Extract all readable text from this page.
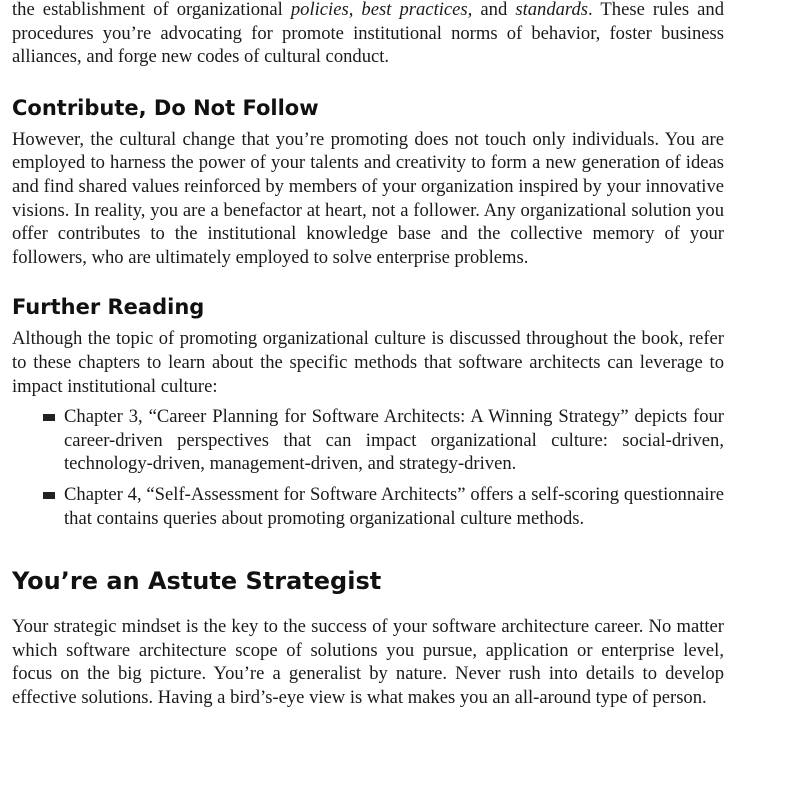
the establishment of organizational policies, best practices, and standards. These rules and procedures you’re advocating for promote institutional norms of behavior, foster business alliances, and forge new codes of cultural conduct.

Contribute, Do Not Follow

However, the cultural change that you’re promoting does not touch only individuals. You are employed to harness the power of your talents and creativity to form a new generation of ideas and find shared values reinforced by members of your organization inspired by your innovative visions. In reality, you are a benefactor at heart, not a follower. Any organizational solution you offer contributes to the institutional knowledge base and the collective memory of your followers, who are ultimately employed to solve enterprise problems.

Further Reading

Although the topic of promoting organizational culture is discussed throughout the book, refer to these chapters to learn about the specific methods that software architects can leverage to impact institutional culture:

Chapter 3, “Career Planning for Software Architects: A Winning Strategy” depicts four career-driven perspectives that can impact organizational culture: social-driven, technology-driven, management-driven, and strategy-driven.
Chapter 4, “Self-Assessment for Software Architects” offers a self-scoring questionnaire that contains queries about promoting organizational culture methods.
You’re an Astute Strategist

Your strategic mindset is the key to the success of your software architecture career. No matter which software architecture scope of solutions you pursue, application or enterprise level, focus on the big picture. You’re a generalist by nature. Never rush into details to develop effective solutions. Having a bird’s-eye view is what makes you an all-around type of person.
